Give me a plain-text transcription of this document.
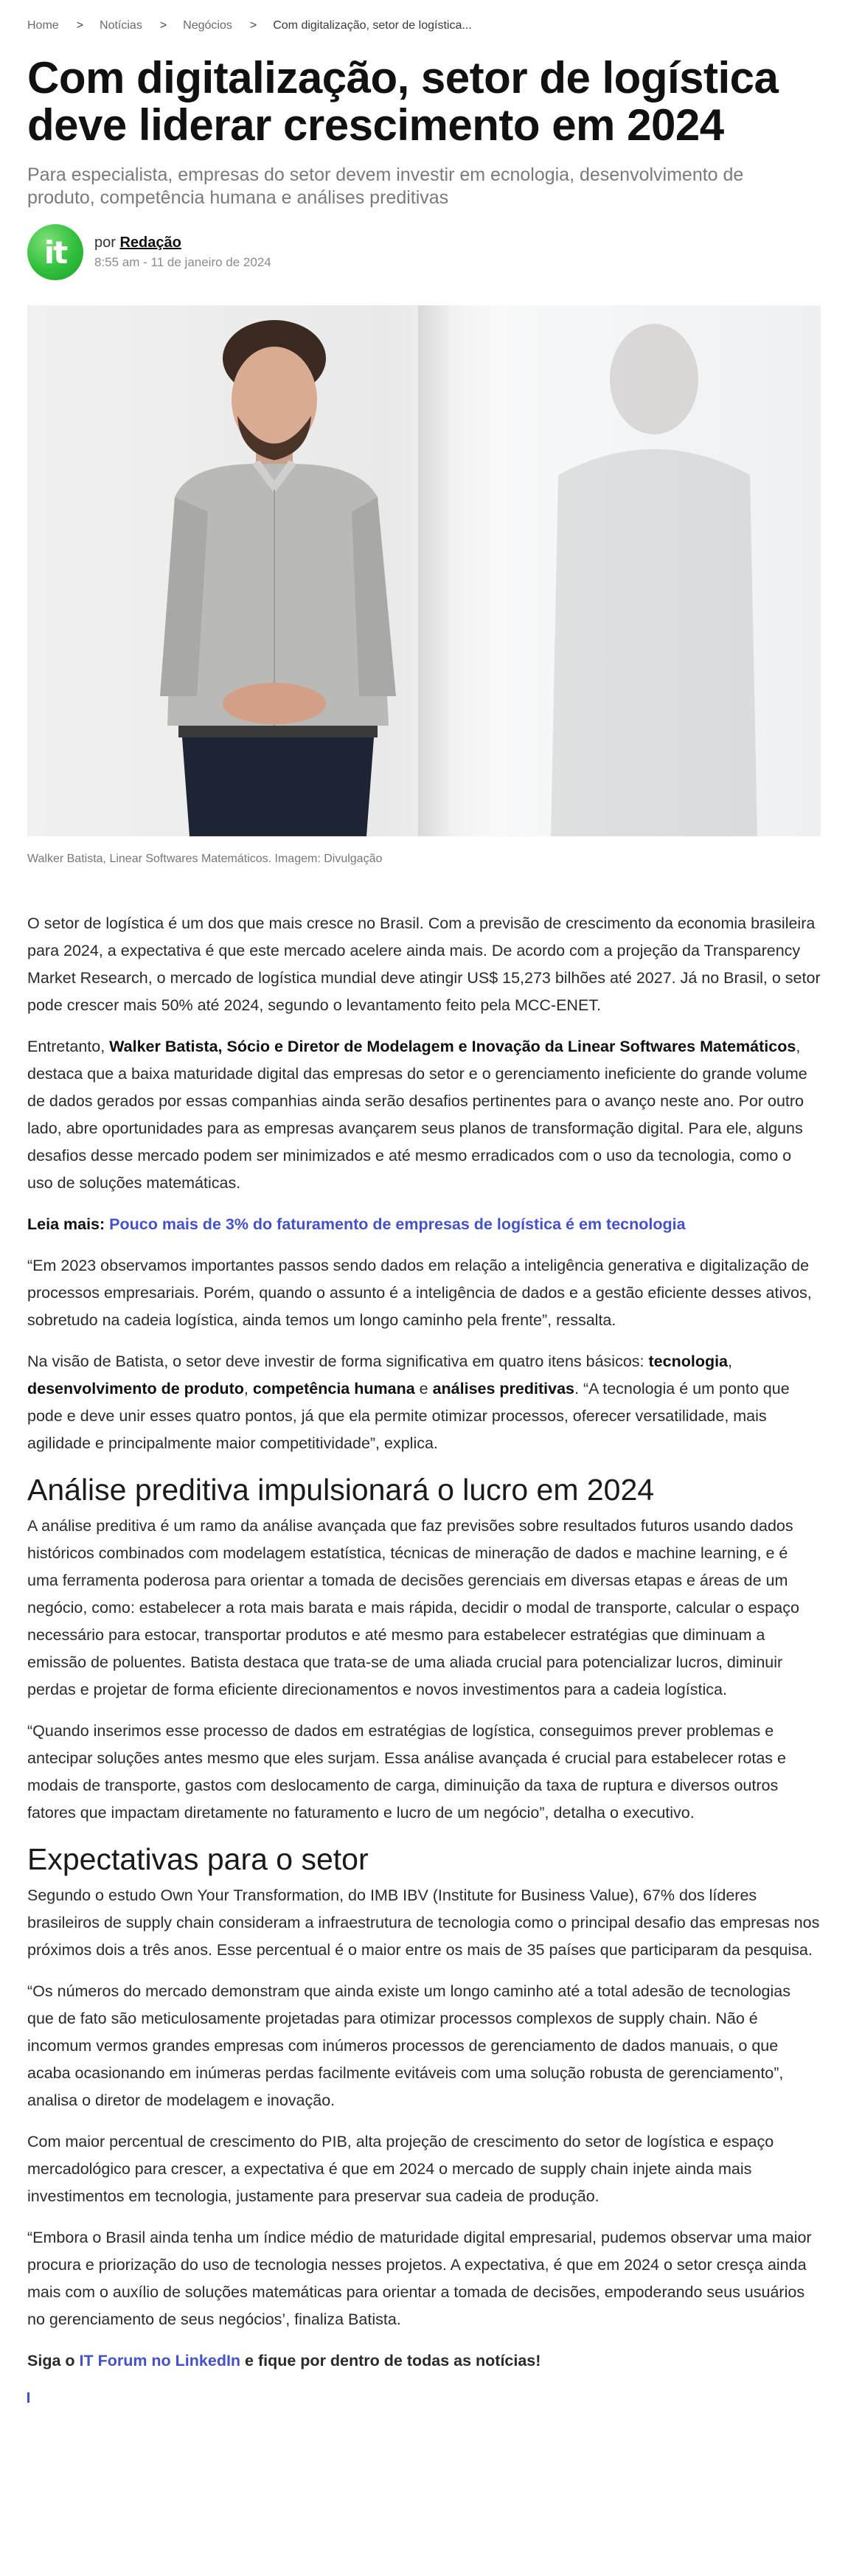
Home > Notícias > Negócios > Com digitalização, setor de logística...
Com digitalização, setor de logística deve liderar crescimento em 2024

Para especialista, empresas do setor devem investir em ecnologia, desenvolvimento de produto, competência humana e análises preditivas

it	por Redação
8:55 am - 11 de janeiro de 2024

Walker Batista, Linear Softwares Matemáticos. Imagem: Divulgação

O setor de logística é um dos que mais cresce no Brasil. Com a previsão de crescimento da economia brasileira para 2024, a expectativa é que este mercado acelere ainda mais. De acordo com a projeção da Transparency Market Research, o mercado de logística mundial deve atingir US$ 15,273 bilhões até 2027. Já no Brasil, o setor pode crescer mais 50% até 2024, segundo o levantamento feito pela MCC-ENET.

Entretanto, Walker Batista, Sócio e Diretor de Modelagem e Inovação da Linear Softwares Matemáticos, destaca que a baixa maturidade digital das empresas do setor e o gerenciamento ineficiente do grande volume de dados gerados por essas companhias ainda serão desafios pertinentes para o avanço neste ano. Por outro lado, abre oportunidades para as empresas avançarem seus planos de transformação digital. Para ele, alguns desafios desse mercado podem ser minimizados e até mesmo erradicados com o uso da tecnologia, como o uso de soluções matemáticas.

Leia mais: Pouco mais de 3% do faturamento de empresas de logística é em tecnologia

“Em 2023 observamos importantes passos sendo dados em relação a inteligência generativa e digitalização de processos empresariais. Porém, quando o assunto é a inteligência de dados e a gestão eficiente desses ativos, sobretudo na cadeia logística, ainda temos um longo caminho pela frente”, ressalta.

Na visão de Batista, o setor deve investir de forma significativa em quatro itens básicos: tecnologia, desenvolvimento de produto, competência humana e análises preditivas. “A tecnologia é um ponto que pode e deve unir esses quatro pontos, já que ela permite otimizar processos, oferecer versatilidade, mais agilidade e principalmente maior competitividade”, explica.

Análise preditiva impulsionará o lucro em 2024

A análise preditiva é um ramo da análise avançada que faz previsões sobre resultados futuros usando dados históricos combinados com modelagem estatística, técnicas de mineração de dados e machine learning, e é uma ferramenta poderosa para orientar a tomada de decisões gerenciais em diversas etapas e áreas de um negócio, como: estabelecer a rota mais barata e mais rápida, decidir o modal de transporte, calcular o espaço necessário para estocar, transportar produtos e até mesmo para estabelecer estratégias que diminuam a emissão de poluentes. Batista destaca que trata-se de uma aliada crucial para potencializar lucros, diminuir perdas e projetar de forma eficiente direcionamentos e novos investimentos para a cadeia logística.

“Quando inserimos esse processo de dados em estratégias de logística, conseguimos prever problemas e antecipar soluções antes mesmo que eles surjam. Essa análise avançada é crucial para estabelecer rotas e modais de transporte, gastos com deslocamento de carga, diminuição da taxa de ruptura e diversos outros fatores que impactam diretamente no faturamento e lucro de um negócio”, detalha o executivo.

Expectativas para o setor

Segundo o estudo Own Your Transformation, do IMB IBV (Institute for Business Value), 67% dos líderes brasileiros de supply chain consideram a infraestrutura de tecnologia como o principal desafio das empresas nos próximos dois a três anos. Esse percentual é o maior entre os mais de 35 países que participaram da pesquisa.

“Os números do mercado demonstram que ainda existe um longo caminho até a total adesão de tecnologias que de fato são meticulosamente projetadas para otimizar processos complexos de supply chain. Não é incomum vermos grandes empresas com inúmeros processos de gerenciamento de dados manuais, o que acaba ocasionando em inúmeras perdas facilmente evitáveis com uma solução robusta de gerenciamento”, analisa o diretor de modelagem e inovação.

Com maior percentual de crescimento do PIB, alta projeção de crescimento do setor de logística e espaço mercadológico para crescer, a expectativa é que em 2024 o mercado de supply chain injete ainda mais investimentos em tecnologia, justamente para preservar sua cadeia de produção.

“Embora o Brasil ainda tenha um índice médio de maturidade digital empresarial, pudemos observar uma maior procura e priorização do uso de tecnologia nesses projetos. A expectativa, é que em 2024 o setor cresça ainda mais com o auxílio de soluções matemáticas para orientar a tomada de decisões, empoderando seus usuários no gerenciamento de seus negócios’, finaliza Batista.

Siga o IT Forum no LinkedIn e fique por dentro de todas as notícias!
